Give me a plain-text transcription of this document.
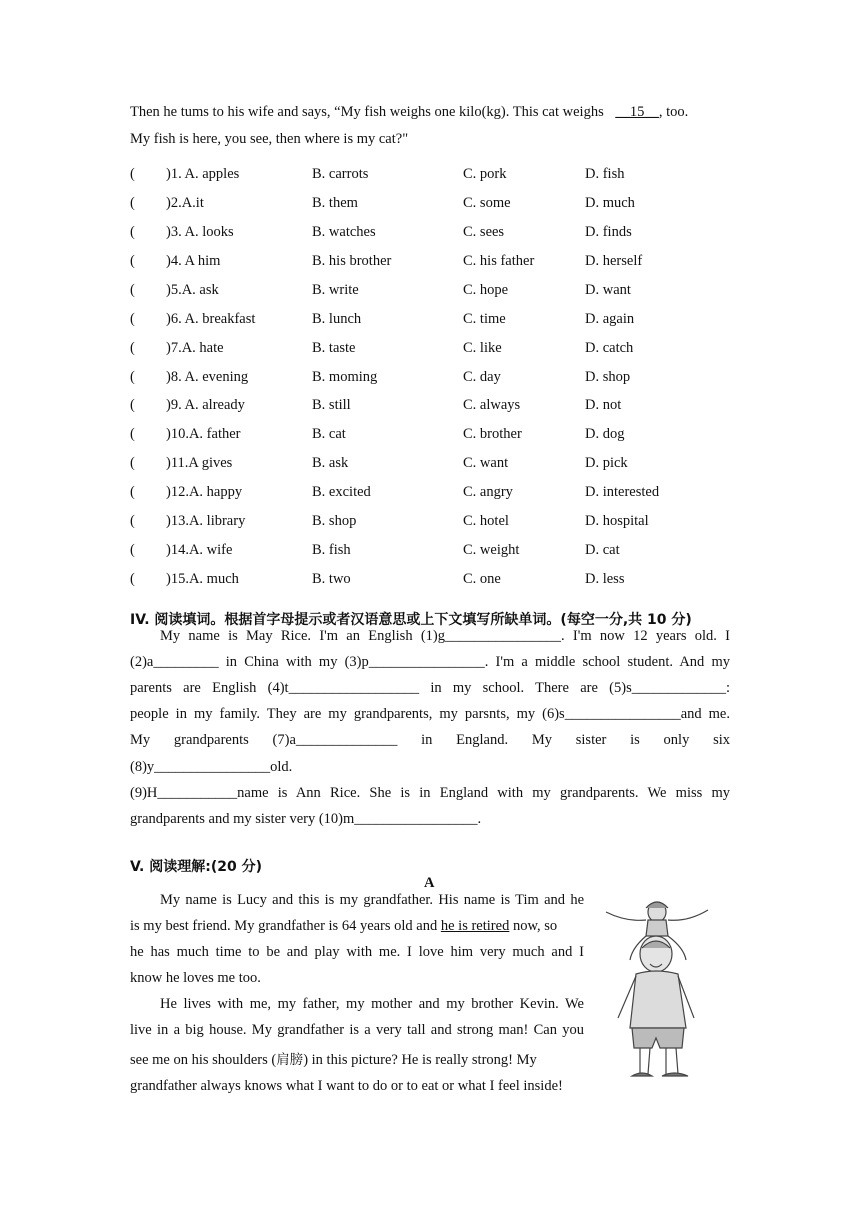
Then he tums to his wife and says, “My fish weighs one kilo(kg). This cat weighs __15__, too.
My fish is here, you see, then where is my cat?"
( )1. A. apples	B. carrots	C. pork	D. fish
( )2.A.it	B. them	C. some	D. much
( )3. A. looks	B. watches	C. sees	D. finds
( )4. A him	B. his brother	C. his father	D. herself
( )5.A. ask	B. write	C. hope	D. want
( )6. A. breakfast	B. lunch	C. time	D. again
( )7.A. hate	B. taste	C. like	D. catch
( )8. A. evening	B. moming	C. day	D. shop
( )9. A. already	B. still	C. always	D. not
( )10.A. father	B. cat	C. brother	D. dog
( )11.A gives	B. ask	C. want	D. pick
( )12.A. happy	B. excited	C. angry	D. interested
( )13.A. library	B. shop	C. hotel	D. hospital
( )14.A. wife	B. fish	C. weight	D. cat
( )15.A. much	B. two	C. one	D. less
IV. 阅读填词。根据首字母提示或者汉语意思或上下文填写所缺单词。(每空一分,共 10 分)
My name is May Rice. I'm an English (1)g________________. I'm now 12 years old. I
(2)a_________ in China with my (3)p________________. I'm a middle school student. And my
parents are English (4)t__________________ in my school. There are (5)s_____________:
people in my family. They are my grandparents, my parsnts, my (6)s________________and me.
My grandparents (7)a______________ in England. My sister is only six
(8)y________________old.
(9)H___________name is Ann Rice. She is in England with my grandparents. We miss my
grandparents and my sister very (10)m_________________.
V. 阅读理解:(20 分)
A
My name is Lucy and this is my grandfather. His name is Tim and he
is my best friend. My grandfather is 64 years old and he is retired now, so
he has much time to be and play with me. I love him very much and I
know he loves me too.
He lives with me, my father, my mother and my brother Kevin. We
live in a big house. My grandfather is a very tall and strong man! Can you
see me on his shoulders (肩膀) in this picture? He is really strong! My
grandfather always knows what I want to do or to eat or what I feel inside!
